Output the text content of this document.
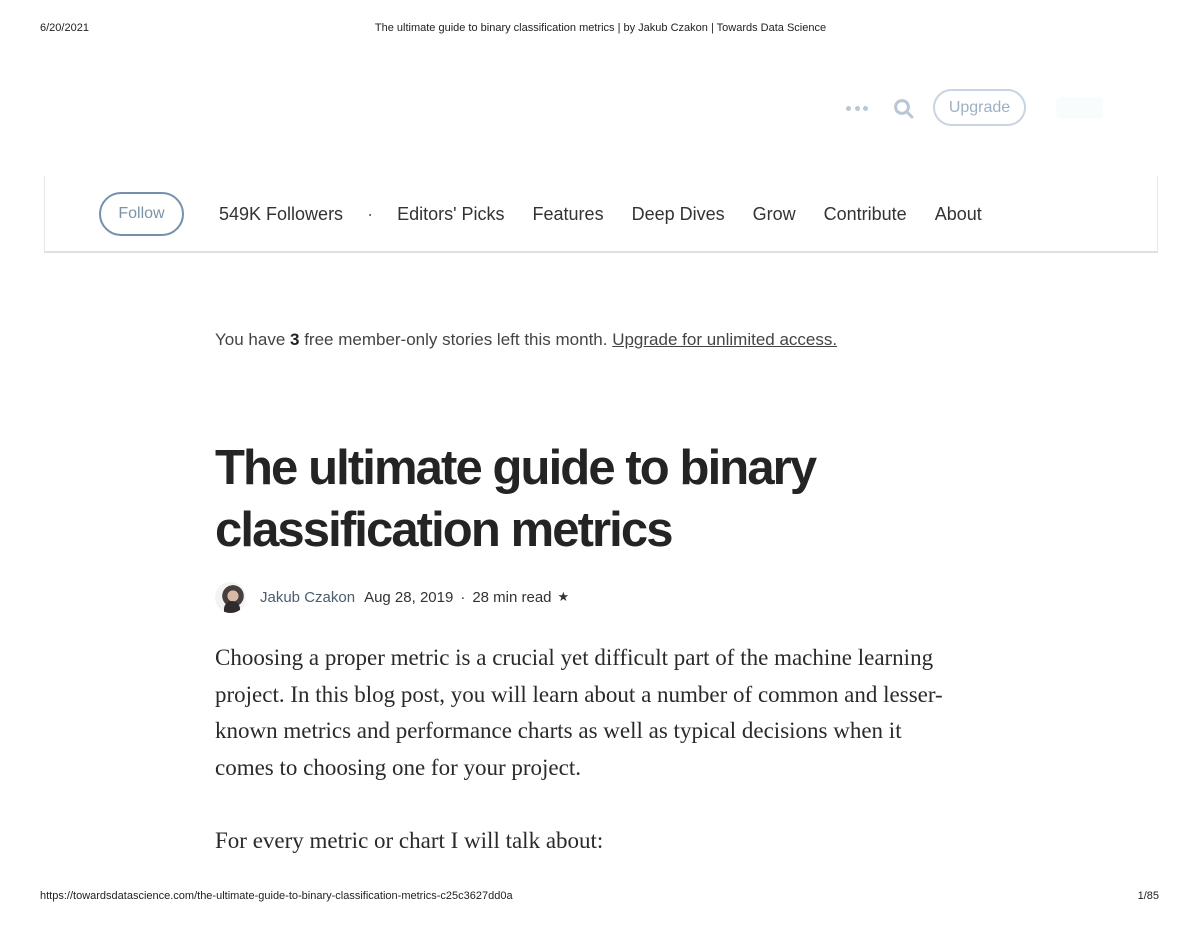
6/20/2021	The ultimate guide to binary classification metrics | by Jakub Czakon | Towards Data Science
Upgrade
Follow	549K Followers · Editors' Picks Features Deep Dives Grow Contribute About
You have 3 free member-only stories left this month. Upgrade for unlimited access.
The ultimate guide to binary
classification metrics
Jakub Czakon Aug 28, 2019 · 28 min read ★

Choosing a proper metric is a crucial yet difficult part of the machine learning project. In this blog post, you will learn about a number of common and lesser-known metrics and performance charts as well as typical decisions when it comes to choosing one for your project.

For every metric or chart I will talk about:

https://towardsdatascience.com/the-ultimate-guide-to-binary-classification-metrics-c25c3627dd0a	1/85
